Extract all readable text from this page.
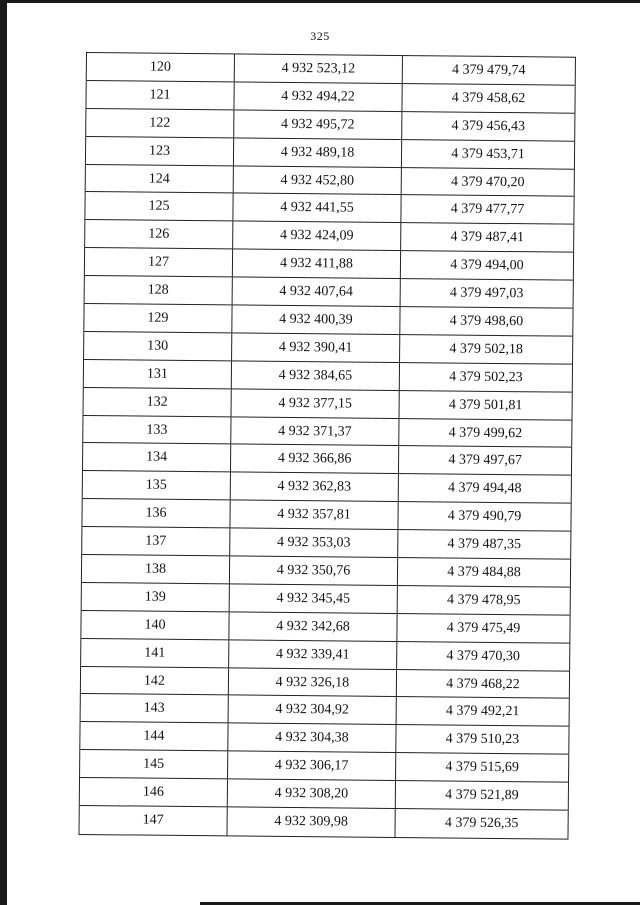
325
120	4 932 523,12	4 379 479,74
121	4 932 494,22	4 379 458,62
122	4 932 495,72	4 379 456,43
123	4 932 489,18	4 379 453,71
124	4 932 452,80	4 379 470,20
125	4 932 441,55	4 379 477,77
126	4 932 424,09	4 379 487,41
127	4 932 411,88	4 379 494,00
128	4 932 407,64	4 379 497,03
129	4 932 400,39	4 379 498,60
130	4 932 390,41	4 379 502,18
131	4 932 384,65	4 379 502,23
132	4 932 377,15	4 379 501,81
133	4 932 371,37	4 379 499,62
134	4 932 366,86	4 379 497,67
135	4 932 362,83	4 379 494,48
136	4 932 357,81	4 379 490,79
137	4 932 353,03	4 379 487,35
138	4 932 350,76	4 379 484,88
139	4 932 345,45	4 379 478,95
140	4 932 342,68	4 379 475,49
141	4 932 339,41	4 379 470,30
142	4 932 326,18	4 379 468,22
143	4 932 304,92	4 379 492,21
144	4 932 304,38	4 379 510,23
145	4 932 306,17	4 379 515,69
146	4 932 308,20	4 379 521,89
147	4 932 309,98	4 379 526,35
